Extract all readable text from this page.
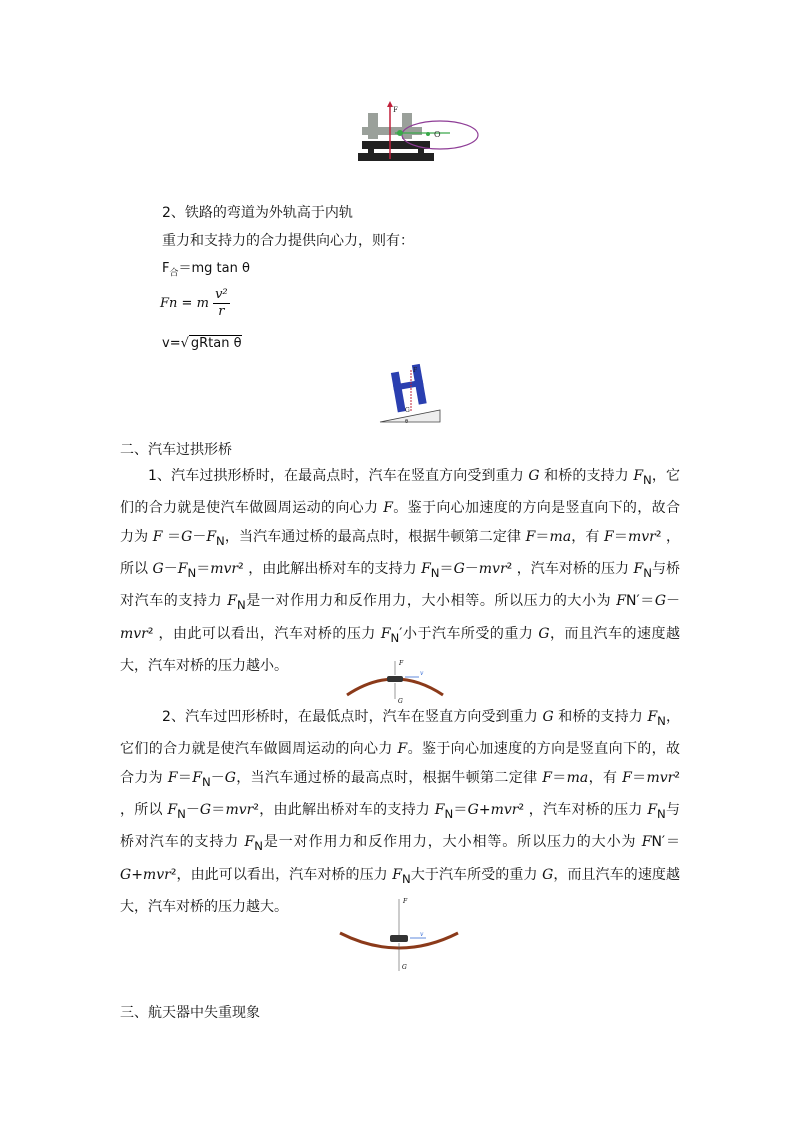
F
O
2、铁路的弯道为外轨高于内轨
重力和支持力的合力提供向心力，则有：
$F_合=mg$ tan θ
Fn = m $\frac{\text{v²}}{r}$
v=√ gRtan θ
F
G
θ
二、汽车过拱形桥
1、汽车过拱形桥时，在最高点时，汽车在竖直方向受到重力 G 和桥的支持力 $F_N$，它们的合力就是使汽车做圆周运动的向心力 F。鉴于向心加速度的方向是竖直向下的，故合力为 $F =G-F_N$，当汽车通过桥的最高点时，根据牛顿第二定律 F＝ma，有 F＝mvr² ，所以 $G-F_N=mvr^2$ ，由此解出桥对车的支持力 $F_N=G-mvr^2$ ，汽车对桥的压力 $F_N$与桥对汽车的支持力 $F_N$是一对作用力和反作用力，大小相等。所以压力的大小为 FN′＝G－mvr² ，由此可以看出，汽车对桥的压力 $F_N'$小于汽车所受的重力 G，而且汽车的速度越大，汽车对桥的压力越小。	F
v
G
2、汽车过凹形桥时，在最低点时，汽车在竖直方向受到重力 G 和桥的支持力 $F_N$，它们的合力就是使汽车做圆周运动的向心力 F。鉴于向心加速度的方向是竖直向下的，故合力为 $F=F_N-G$，当汽车通过桥的最高点时，根据牛顿第二定律 F＝ma，有 F＝mvr² ，所以 $F_N-G=mvr^2$，由此解出桥对车的支持力 $F_N=G+mvr^2$ ，汽车对桥的压力 $F_N$与桥对汽车的支持力 $F_N$是一对作用力和反作用力，大小相等。所以压力的大小为 FN′＝G+mvr²，由此可以看出，汽车对桥的压力 $F_N$大于汽车所受的重力 G，而且汽车的速度越大，汽车对桥的压力越大。	F
v
G
三、航天器中失重现象
